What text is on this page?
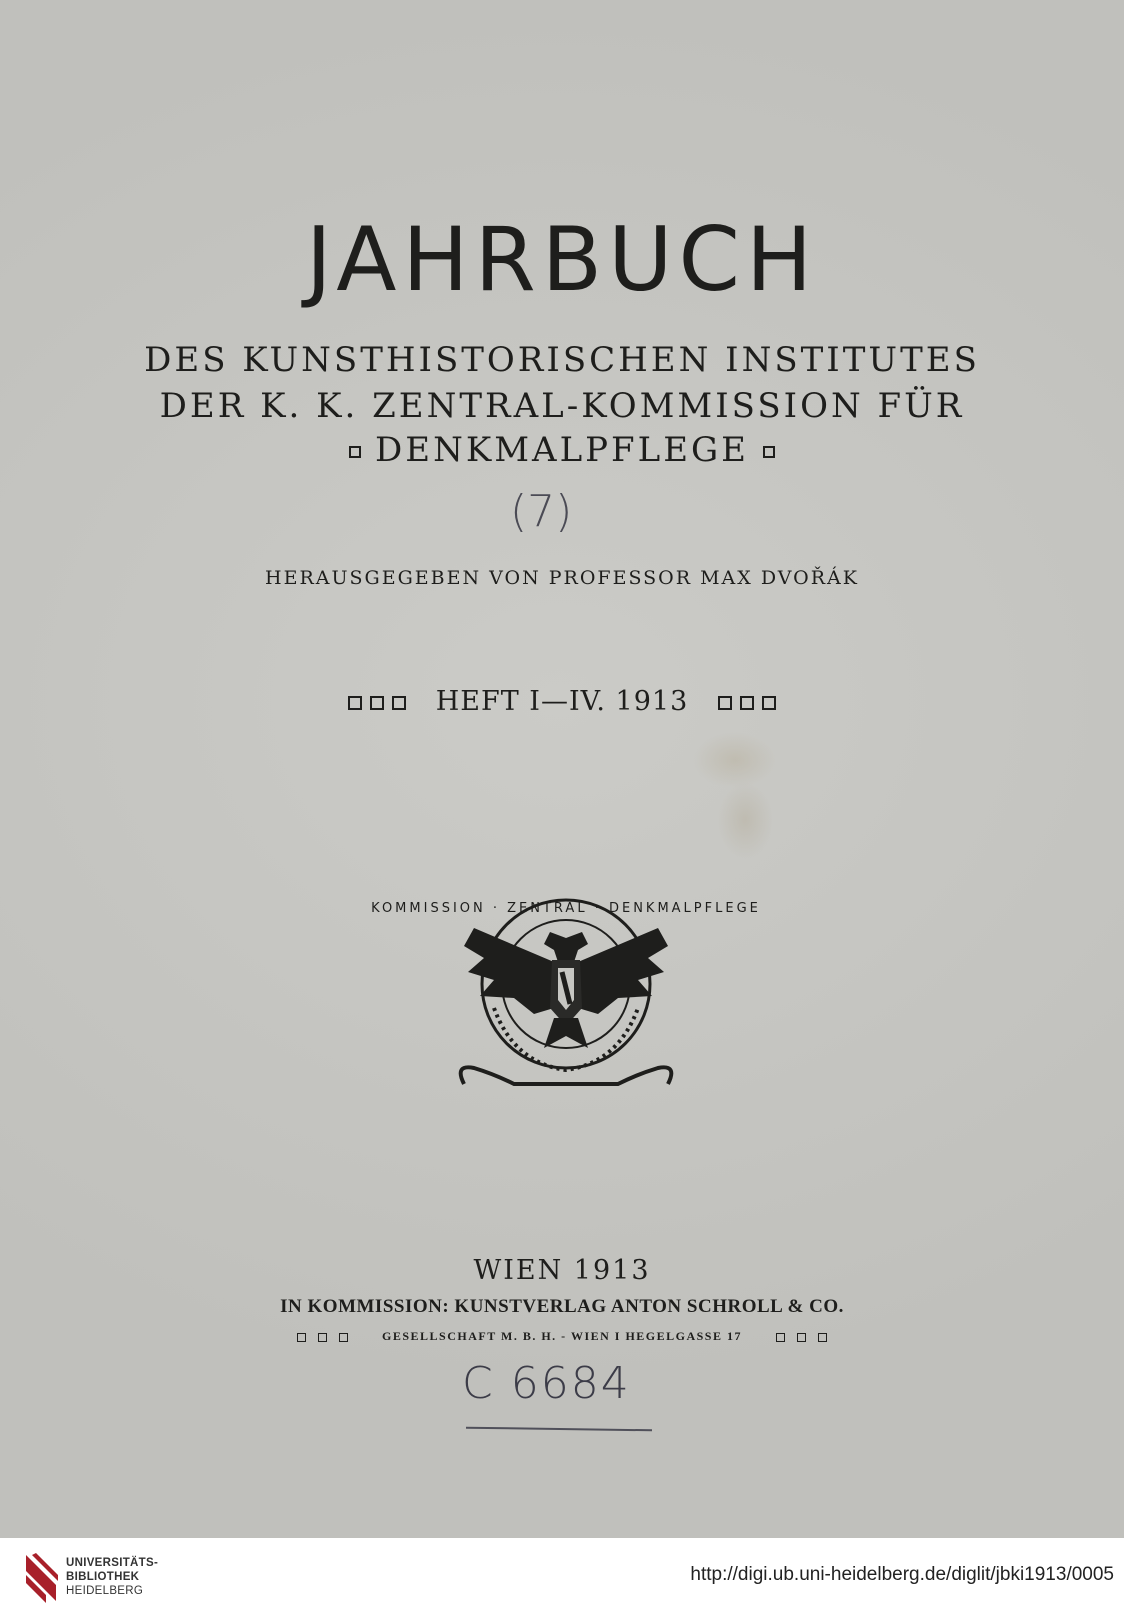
JAHRBUCH
DES KUNSTHISTORISCHEN INSTITUTES
DER K. K. ZENTRAL-KOMMISSION FÜR
DENKMALPFLEGE
(7)
HERAUSGEGEBEN VON PROFESSOR MAX DVOŘÁK
HEFT I—IV. 1913
KOMMISSION · ZENTRAL · DENKMALPFLEGE
WIEN 1913
IN KOMMISSION: KUNSTVERLAG ANTON SCHROLL & CO.
GESELLSCHAFT M. B. H. - WIEN I HEGELGASSE 17
C 6684
UNIVERSITÄTS-
BIBLIOTHEK
HEIDELBERG
http://digi.ub.uni-heidelberg.de/diglit/jbki1913/0005
